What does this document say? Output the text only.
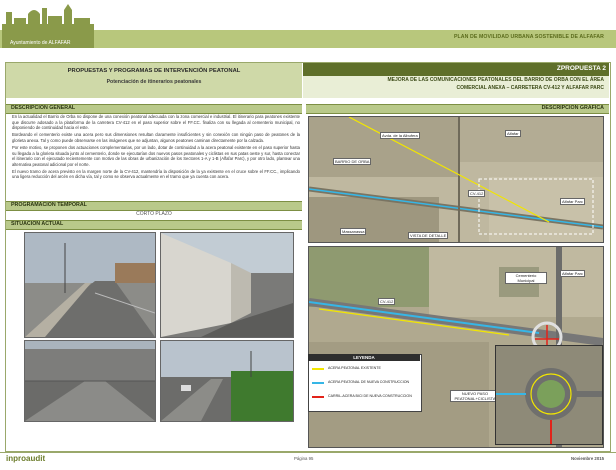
Ayuntamiento de ALFAFAR
PLAN DE MOVILIDAD URBANA SOSTENIBLE DE ALFAFAR
PROPUESTAS Y PROGRAMAS DE INTERVENCIÓN PEATONAL
Potenciación de itinerarios peatonales
ZPROPUESTA 2
MEJORA DE LAS COMUNICACIONES PEATONALES DEL BARRIO DE ORBA CON EL ÁREA
COMERCIAL ANEXA – CARRETERA CV-412 Y ALFAFAR PARC
DESCRIPCION GENERAL	DESCRIPCION GRAFICA

En la actualidad el Barrio de Orba no dispone de una conexión peatonal adecuada con la zona comercial e industrial. El itinerario para peatones existente que discurre adosado a la plataforma de la carretera CV-412 en el paso superior sobre el FF.CC. finaliza con su llegada al cementerio municipal, no disponiendo de continuidad hacia el este.

Bordeando el cementerio existe una acera pero sus dimensiones resultan claramente insuficientes y sin conexión con ningún paso de peatones de la glorieta anexa. Tal y como puede observarse en las imágenes que se adjuntan, algunos peatones caminan directamente por la calzada.

Por este motivo, se proponen dos actuaciones complementarias, por un lado, dotar de continuidad a la acera peatonal existente en el paso superior hasta su llegada a la glorieta situada junto al cementerio, donde se ejecutarían dos nuevos pasos peatonales y ciclistas en sus patas oeste y sur, hasta conectar el itinerario con el ejecutado recientemente con motivo de las obras de urbanización de los Sectores 1-A y 1-B (Alfafar Parc), y por otro lado, plantear una alternativa peatonal adicional por el norte.

El nuevo tramo de acera previsto en la margen norte de la CV-412, mantendría la disposición de la ya existente en el cruce sobre el FF.CC., implicando una ligera reducción del arcén en dicha vía, tal y como se observa actualmente en el tramo que ya cuenta con acera.

PROGRAMACION TEMPORAL
CORTO PLAZO
SITUACION ACTUAL
Avda. de la Albufera	Alfafar
BARRIO DE ORBA
CV-412
Alfafar Parc
Massanassa
VISTA DE DETALLE
Alfafar Parc
CV-412
Cementerio Municipal
NUEVO PASO PEATONAL+CICLISTA
LEYENDA
ACERA PEATONAL EXISTENTE
ACERA PEATONAL DE NUEVA CONSTRUCCION
CARRIL-ACERA BICI DE NUEVA CONSTRUCCION
inproaudit	Página 95	Noviembre 2015
